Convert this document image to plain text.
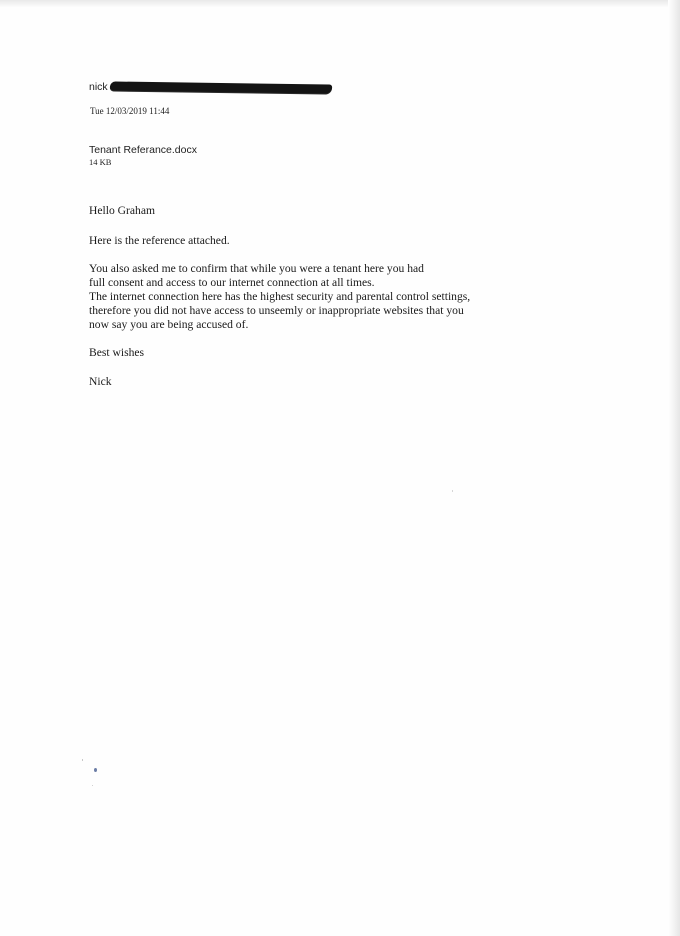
nick
Tue 12/03/2019 11:44
Tenant Referance.docx
14 KB
Hello Graham
Here is the reference attached.
You also asked me to confirm that while you were a tenant here you had
full consent and access to our internet connection at all times.
The internet connection here has the highest security and parental control settings,
therefore you did not have access to unseemly or inappropriate websites that you
now say you are being accused of.
Best wishes
Nick
